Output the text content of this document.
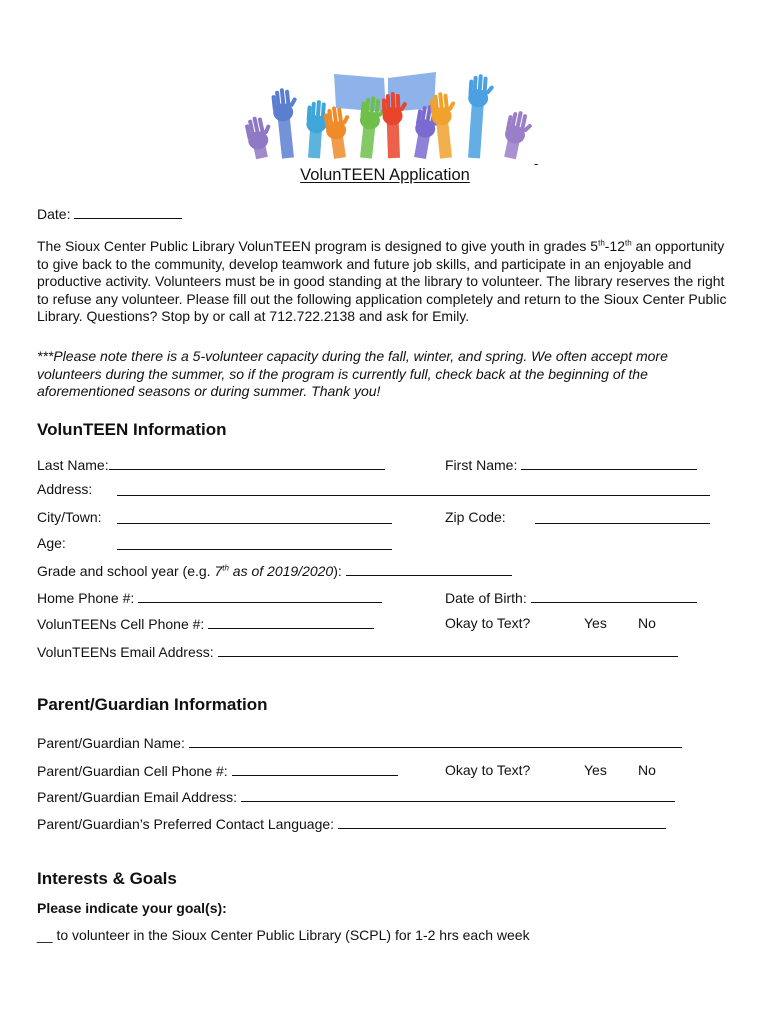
VolunTEEN Application
-
Date:
The Sioux Center Public Library VolunTEEN program is designed to give youth in grades 5th-12th an opportunity to give back to the community, develop teamwork and future job skills, and participate in an enjoyable and productive activity. Volunteers must be in good standing at the library to volunteer. The library reserves the right to refuse any volunteer. Please fill out the following application completely and return to the Sioux Center Public Library. Questions? Stop by or call at 712.722.2138 and ask for Emily.
***Please note there is a 5-volunteer capacity during the fall, winter, and spring. We often accept more volunteers during the summer, so if the program is currently full, check back at the beginning of the aforementioned seasons or during summer. Thank you!
VolunTEEN Information
Last Name:	First Name:
Address:
City/Town:	Zip Code:
Age:
Grade and school year (e.g. 7th as of 2019/2020):
Home Phone #:	Date of Birth:
VolunTEENs Cell Phone #:	Okay to Text?	Yes No
VolunTEENs Email Address:
Parent/Guardian Information
Parent/Guardian Name:
Parent/Guardian Cell Phone #:	Okay to Text?	Yes No
Parent/Guardian Email Address:
Parent/Guardian’s Preferred Contact Language:
Interests & Goals
Please indicate your goal(s):
__ to volunteer in the Sioux Center Public Library (SCPL) for 1-2 hrs each week
